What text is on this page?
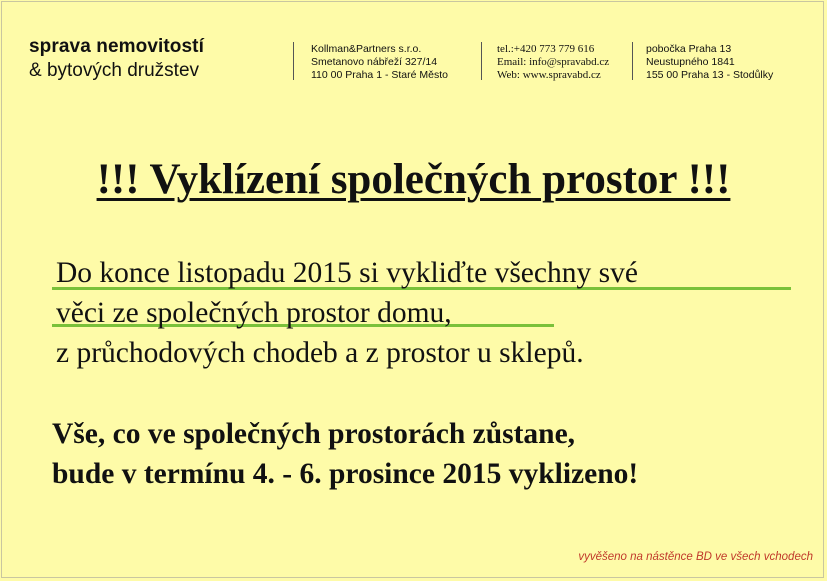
sprava nemovitostí
& bytových družstev
Kollman&Partners s.r.o.
Smetanovo nábřeží 327/14
110 00 Praha 1 - Staré Město
tel.:+420 773 779 616
Email: info@spravabd.cz
Web: www.spravabd.cz
pobočka Praha 13
Neustupného 1841
155 00 Praha 13 - Stodůlky
!!! Vyklízení společných prostor !!!
Do konce listopadu 2015 si vykliďte všechny své
věci ze společných prostor domu,
z průchodových chodeb a z prostor u sklepů.
Vše, co ve společných prostorách zůstane,
bude v termínu 4. - 6. prosince 2015 vyklizeno!
vyvěšeno na nástěnce BD ve všech vchodech
